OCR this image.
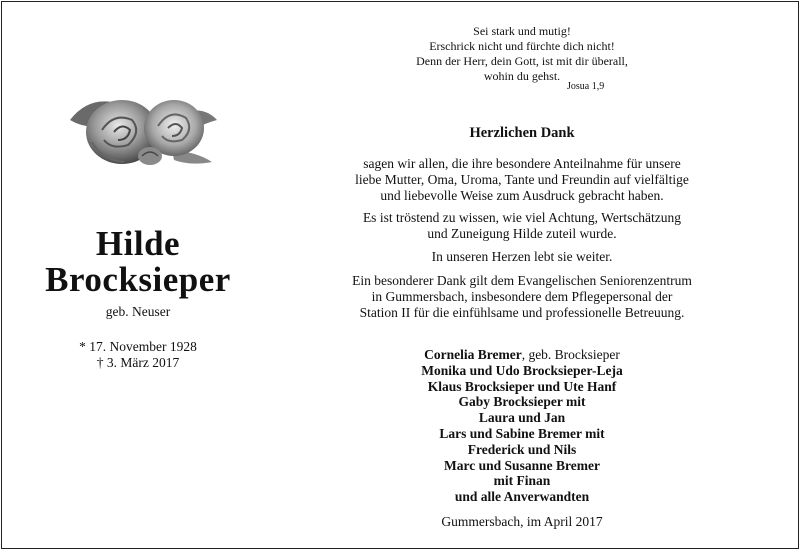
Hilde
Brocksieper
geb. Neuser
* 17. November 1928
† 3. März 2017
Sei stark und mutig!
Erschrick nicht und fürchte dich nicht!
Denn der Herr, dein Gott, ist mit dir überall,
wohin du gehst.
Josua 1,9
Herzlichen Dank
sagen wir allen, die ihre besondere Anteilnahme für unsere
liebe Mutter, Oma, Uroma, Tante und Freundin auf vielfältige
und liebevolle Weise zum Ausdruck gebracht haben.
Es ist tröstend zu wissen, wie viel Achtung, Wertschätzung
und Zuneigung Hilde zuteil wurde.
In unseren Herzen lebt sie weiter.
Ein besonderer Dank gilt dem Evangelischen Seniorenzentrum
in Gummersbach, insbesondere dem Pflegepersonal der
Station II für die einfühlsame und professionelle Betreuung.
Cornelia Bremer, geb. Brocksieper
Monika und Udo Brocksieper-Leja
Klaus Brocksieper und Ute Hanf
Gaby Brocksieper mit
Laura und Jan
Lars und Sabine Bremer mit
Frederick und Nils
Marc und Susanne Bremer
mit Finan
und alle Anverwandten
Gummersbach, im April 2017
